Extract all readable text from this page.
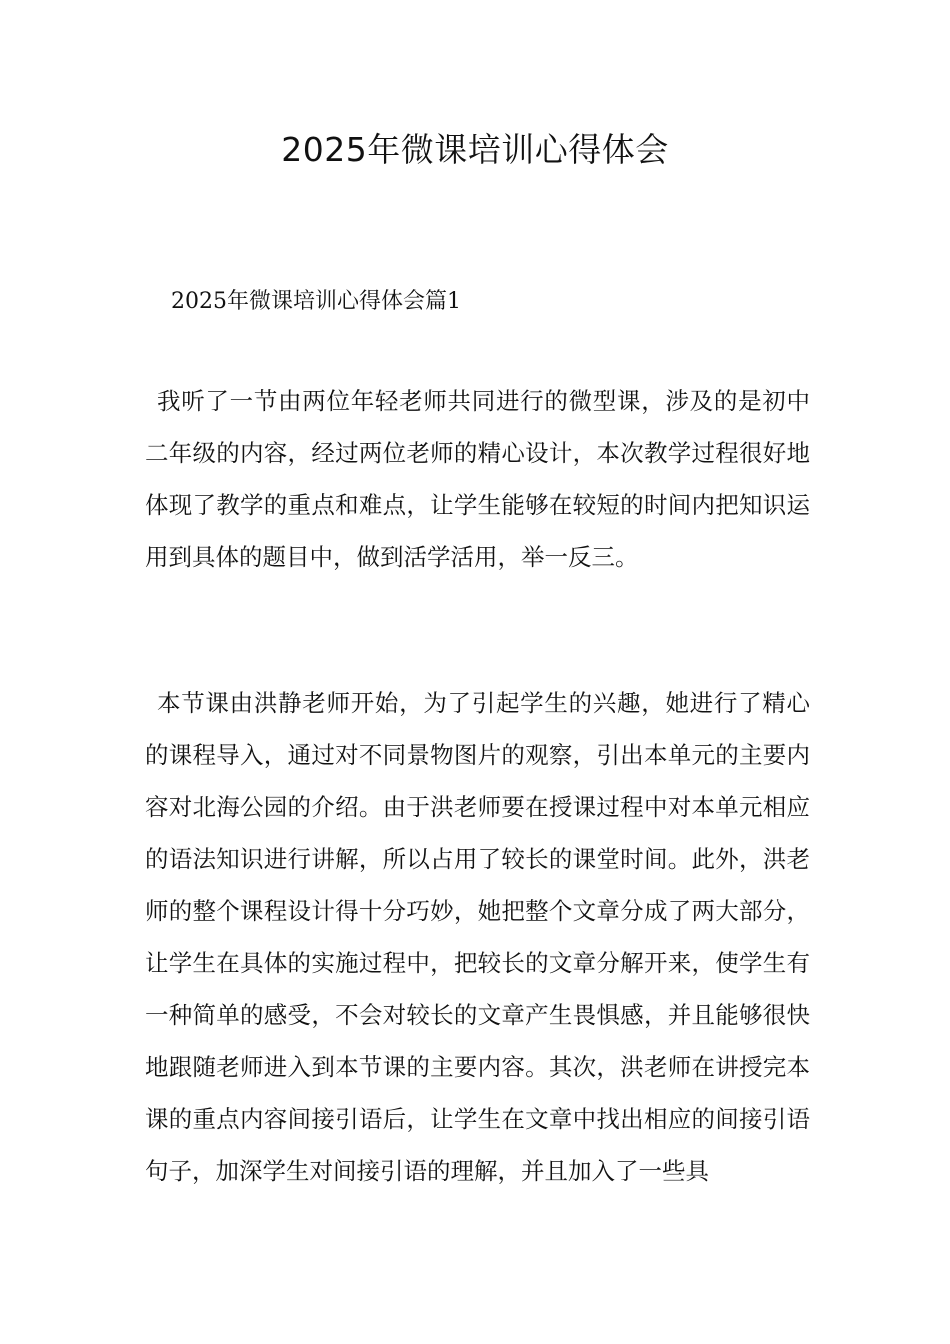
2025年微课培训心得体会
2025年微课培训心得体会篇1

我听了一节由两位年轻老师共同进行的微型课，涉及的是初中二年级的内容，经过两位老师的精心设计，本次教学过程很好地体现了教学的重点和难点，让学生能够在较短的时间内把知识运用到具体的题目中，做到活学活用，举一反三。

本节课由洪静老师开始，为了引起学生的兴趣，她进行了精心的课程导入，通过对不同景物图片的观察，引出本单元的主要内容对北海公园的介绍。由于洪老师要在授课过程中对本单元相应的语法知识进行讲解，所以占用了较长的课堂时间。此外，洪老师的整个课程设计得十分巧妙，她把整个文章分成了两大部分，让学生在具体的实施过程中，把较长的文章分解开来，使学生有一种简单的感受，不会对较长的文章产生畏惧感，并且能够很快地跟随老师进入到本节课的主要内容。其次，洪老师在讲授完本课的重点内容间接引语后，让学生在文章中找出相应的间接引语句子，加深学生对间接引语的理解，并且加入了一些具
